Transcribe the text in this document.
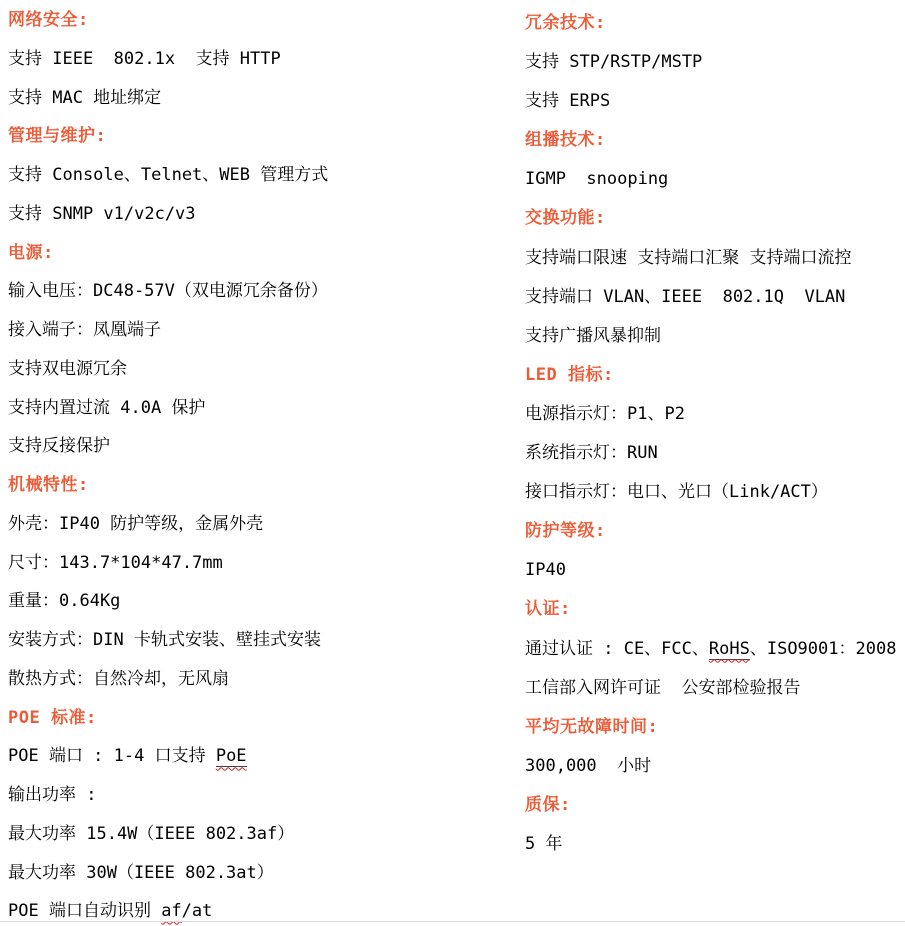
网络安全:
支持 IEEE  802.1x  支持 HTTP
支持 MAC 地址绑定
管理与维护:
支持 Console、Telnet、WEB 管理方式
支持 SNMP v1/v2c/v3
电源:
输入电压：DC48-57V（双电源冗余备份）
接入端子：凤凰端子
支持双电源冗余
支持内置过流 4.0A 保护
支持反接保护
机械特性:
外壳：IP40 防护等级，金属外壳
尺寸：143.7*104*47.7mm
重量：0.64Kg
安装方式：DIN 卡轨式安装、壁挂式安装
散热方式：自然冷却，无风扇
POE 标准:
POE 端口 : 1-4 口支持 PoE
输出功率 :
最大功率 15.4W（IEEE 802.3af）
最大功率 30W（IEEE 802.3at）
POE 端口自动识别 af/at
冗余技术:
支持 STP/RSTP/MSTP
支持 ERPS
组播技术:
IGMP  snooping
交换功能:
支持端口限速 支持端口汇聚 支持端口流控
支持端口 VLAN、IEEE  802.1Q  VLAN
支持广播风暴抑制
LED 指标:
电源指示灯：P1、P2
系统指示灯：RUN
接口指示灯：电口、光口（Link/ACT）
防护等级:
IP40
认证:
通过认证 : CE、FCC、RoHS、ISO9001：2008
工信部入网许可证  公安部检验报告
平均无故障时间:
300,000  小时
质保:
5 年
